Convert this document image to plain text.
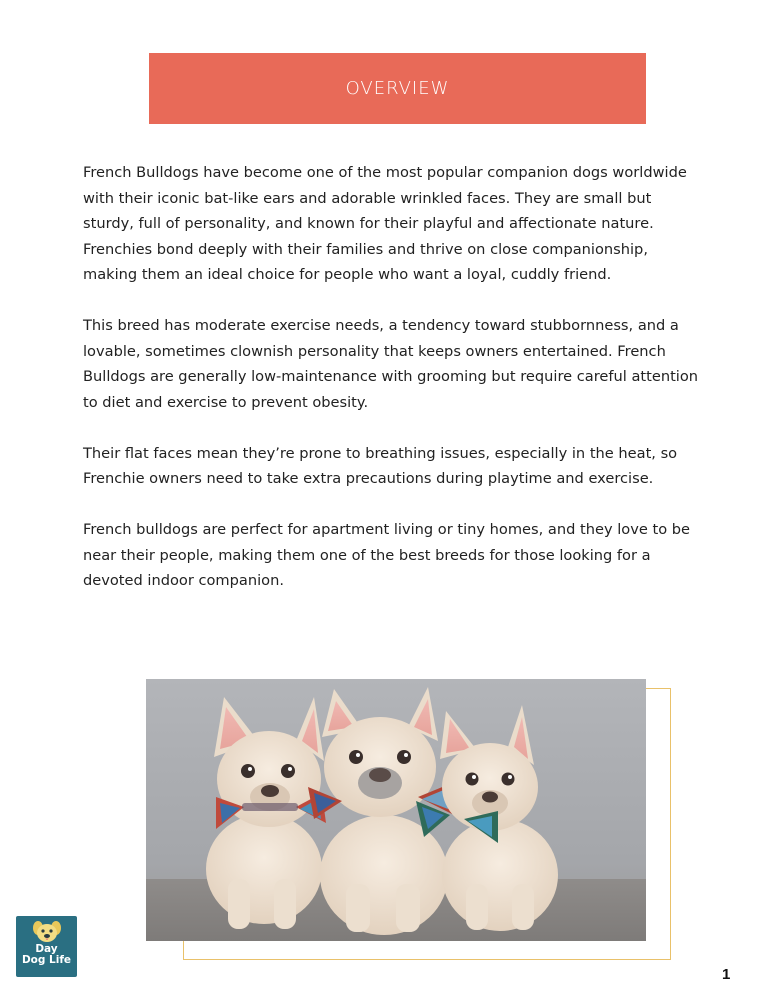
OVERVIEW

French Bulldogs have become one of the most popular companion dogs worldwide with their iconic bat-like ears and adorable wrinkled faces. They are small but sturdy, full of personality, and known for their playful and affectionate nature. Frenchies bond deeply with their families and thrive on close companionship, making them an ideal choice for people who want a loyal, cuddly friend.

This breed has moderate exercise needs, a tendency toward stubbornness, and a lovable, sometimes clownish personality that keeps owners entertained. French Bulldogs are generally low-maintenance with grooming but require careful attention to diet and exercise to prevent obesity.

Their flat faces mean they’re prone to breathing issues, especially in the heat, so Frenchie owners need to take extra precautions during playtime and exercise.

French bulldogs are perfect for apartment living or tiny homes, and they love to be near their people, making them one of the best breeds for those looking for a devoted indoor companion.

Day
Dog Life
1
